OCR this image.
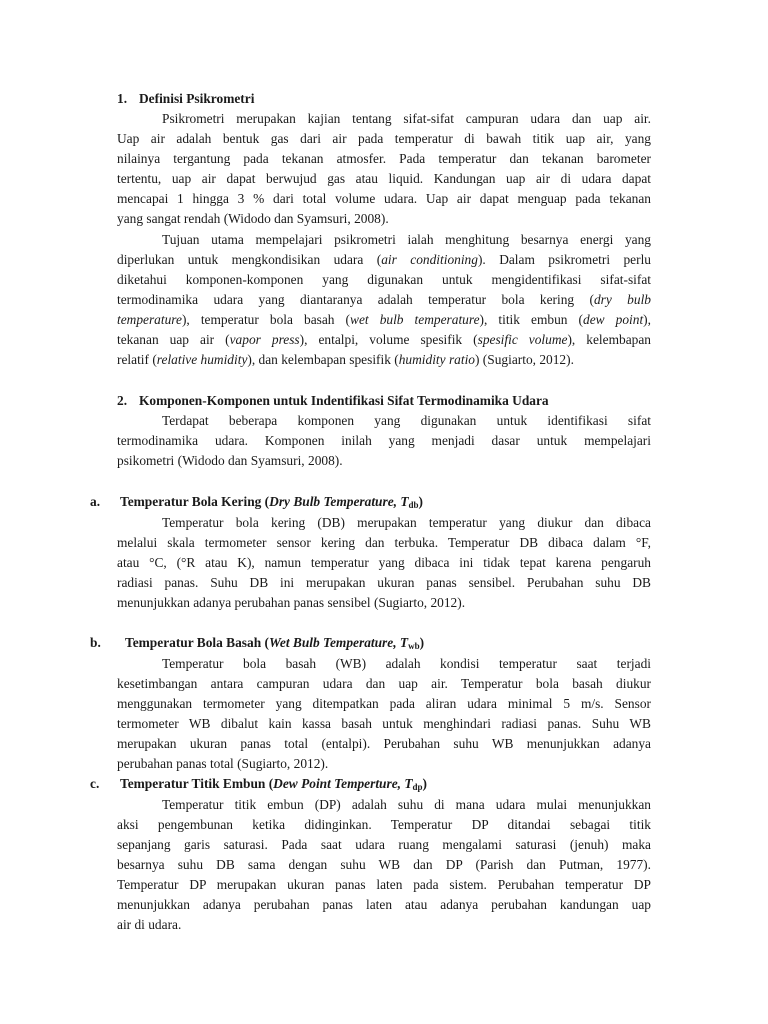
1. Definisi Psikrometri
Psikrometri merupakan kajian tentang sifat-sifat campuran udara dan uap air.
Uap air adalah bentuk gas dari air pada temperatur di bawah titik uap air, yang
nilainya tergantung pada tekanan atmosfer. Pada temperatur dan tekanan barometer
tertentu, uap air dapat berwujud gas atau liquid. Kandungan uap air di udara dapat
mencapai 1 hingga 3 % dari total volume udara. Uap air dapat menguap pada tekanan
yang sangat rendah (Widodo dan Syamsuri, 2008).
Tujuan utama mempelajari psikrometri ialah menghitung besarnya energi yang
diperlukan untuk mengkondisikan udara (air conditioning). Dalam psikrometri perlu
diketahui komponen-komponen yang digunakan untuk mengidentifikasi sifat-sifat
termodinamika udara yang diantaranya adalah temperatur bola kering (dry bulb
temperature), temperatur bola basah (wet bulb temperature), titik embun (dew point),
tekanan uap air (vapor press), entalpi, volume spesifik (spesific volume), kelembapan
relatif (relative humidity), dan kelembapan spesifik (humidity ratio) (Sugiarto, 2012).
2. Komponen-Komponen untuk Indentifikasi Sifat Termodinamika Udara
Terdapat beberapa komponen yang digunakan untuk identifikasi sifat
termodinamika udara. Komponen inilah yang menjadi dasar untuk mempelajari
psikometri (Widodo dan Syamsuri, 2008).
a. Temperatur Bola Kering (Dry Bulb Temperature, $T_{db}$)
Temperatur bola kering (DB) merupakan temperatur yang diukur dan dibaca
melalui skala termometer sensor kering dan terbuka. Temperatur DB dibaca dalam °F,
atau °C, (°R atau K), namun temperatur yang dibaca ini tidak tepat karena pengaruh
radiasi panas. Suhu DB ini merupakan ukuran panas sensibel. Perubahan suhu DB
menunjukkan adanya perubahan panas sensibel (Sugiarto, 2012).
b. Temperatur Bola Basah (Wet Bulb Temperature, $T_{wb}$)
Temperatur bola basah (WB) adalah kondisi temperatur saat terjadi
kesetimbangan antara campuran udara dan uap air. Temperatur bola basah diukur
menggunakan termometer yang ditempatkan pada aliran udara minimal 5 m/s. Sensor
termometer WB dibalut kain kassa basah untuk menghindari radiasi panas. Suhu WB
merupakan ukuran panas total (entalpi). Perubahan suhu WB menunjukkan adanya
perubahan panas total (Sugiarto, 2012).
c. Temperatur Titik Embun (Dew Point Temperture, $T_{dp}$)
Temperatur titik embun (DP) adalah suhu di mana udara mulai menunjukkan
aksi pengembunan ketika didinginkan. Temperatur DP ditandai sebagai titik
sepanjang garis saturasi. Pada saat udara ruang mengalami saturasi (jenuh) maka
besarnya suhu DB sama dengan suhu WB dan DP (Parish dan Putman, 1977).
Temperatur DP merupakan ukuran panas laten pada sistem. Perubahan temperatur DP
menunjukkan adanya perubahan panas laten atau adanya perubahan kandungan uap
air di udara.
